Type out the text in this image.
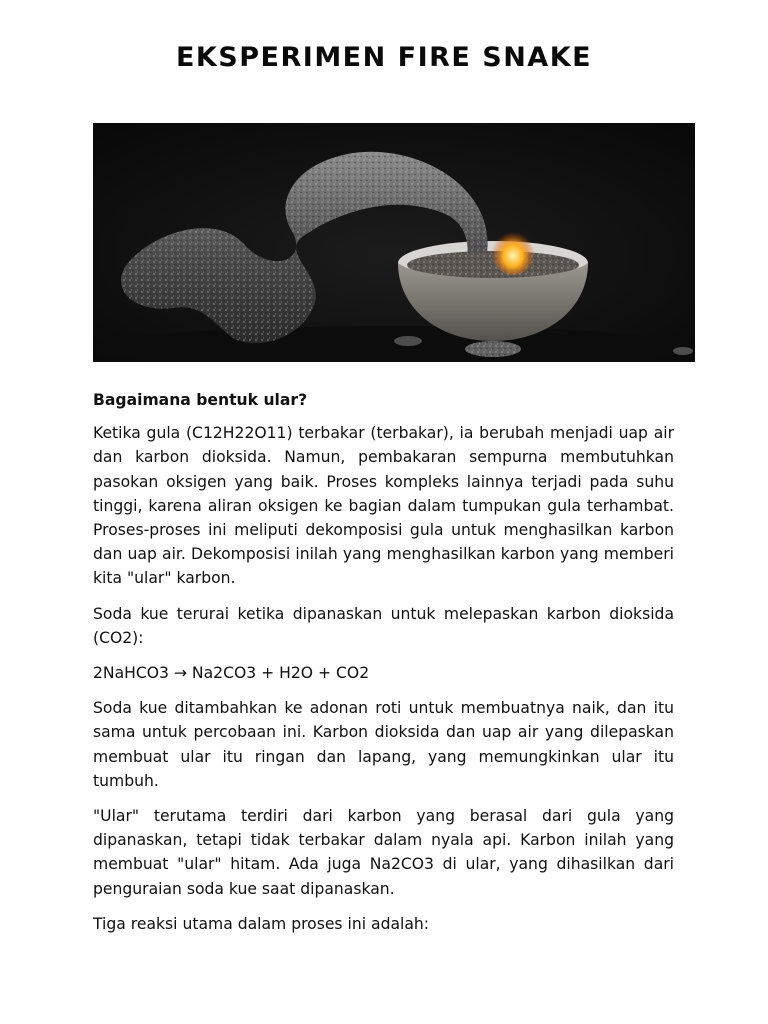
EKSPERIMEN FIRE SNAKE

Bagaimana bentuk ular?

Ketika gula (C12H22O11) terbakar (terbakar), ia berubah menjadi uap air dan karbon dioksida. Namun, pembakaran sempurna membutuhkan pasokan oksigen yang baik. Proses kompleks lainnya terjadi pada suhu tinggi, karena aliran oksigen ke bagian dalam tumpukan gula terhambat. Proses-proses ini meliputi dekomposisi gula untuk menghasilkan karbon dan uap air. Dekomposisi inilah yang menghasilkan karbon yang memberi kita "ular" karbon.

Soda kue terurai ketika dipanaskan untuk melepaskan karbon dioksida (CO2):

2NaHCO3 → Na2CO3 + H2O + CO2

Soda kue ditambahkan ke adonan roti untuk membuatnya naik, dan itu sama untuk percobaan ini. Karbon dioksida dan uap air yang dilepaskan membuat ular itu ringan dan lapang, yang memungkinkan ular itu tumbuh.

"Ular" terutama terdiri dari karbon yang berasal dari gula yang dipanaskan, tetapi tidak terbakar dalam nyala api. Karbon inilah yang membuat "ular" hitam. Ada juga Na2CO3 di ular, yang dihasilkan dari penguraian soda kue saat dipanaskan.

Tiga reaksi utama dalam proses ini adalah:
